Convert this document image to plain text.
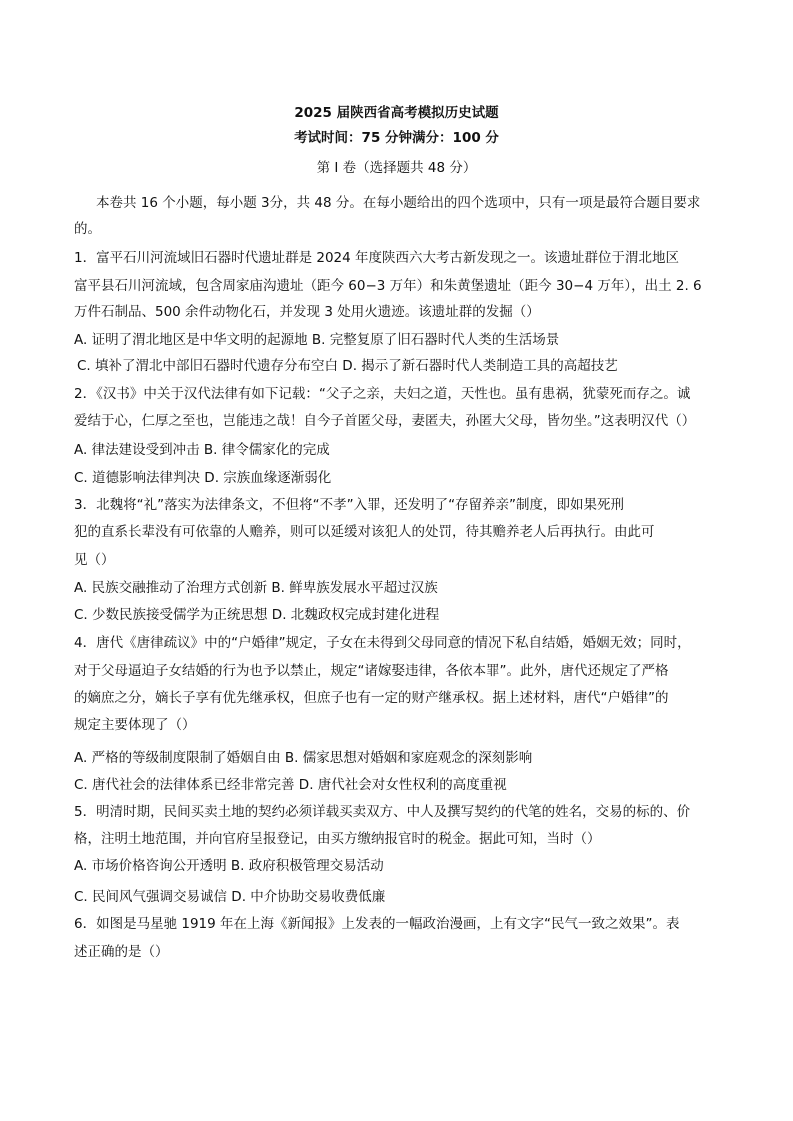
2025 届陕西省高考模拟历史试题
考试时间：75 分钟满分：100 分
第 I 卷（选择题共 48 分）
本卷共 16 个小题，每小题 3分，共 48 分。在每小题给出的四个选项中，只有一项是最符合题目要求
的。
1．富平石川河流域旧石器时代遗址群是 2024 年度陕西六大考古新发现之一。该遗址群位于渭北地区
富平县石川河流域，包含周家庙沟遗址（距今 60−3 万年）和朱黄堡遗址（距今 30−4 万年），出土 2. 6
万件石制品、500 余件动物化石，并发现 3 处用火遗迹。该遗址群的发掘（）
A. 证明了渭北地区是中华文明的起源地 B. 完整复原了旧石器时代人类的生活场景
C. 填补了渭北中部旧石器时代遗存分布空白 D. 揭示了新石器时代人类制造工具的高超技艺
2．《汉书》中关于汉代法律有如下记载：“父子之亲，夫妇之道，天性也。虽有患祸，犹蒙死而存之。诚
爱结于心，仁厚之至也，岂能违之哉！自今子首匿父母，妻匿夫，孙匿大父母，皆勿坐。”这表明汉代（）
A. 律法建设受到冲击 B. 律令儒家化的完成
C. 道德影响法律判决 D. 宗族血缘逐渐弱化
3．北魏将“礼”落实为法律条文，不但将“不孝”入罪，还发明了“存留养亲”制度，即如果死刑
犯的直系长辈没有可依靠的人赡养，则可以延缓对该犯人的处罚，待其赡养老人后再执行。由此可
见（）
A. 民族交融推动了治理方式创新 B. 鲜卑族发展水平超过汉族
C. 少数民族接受儒学为正统思想 D. 北魏政权完成封建化进程
4．唐代《唐律疏议》中的“户婚律”规定，子女在未得到父母同意的情况下私自结婚，婚姻无效；同时，
对于父母逼迫子女结婚的行为也予以禁止，规定“诸嫁娶违律，各依本罪”。此外，唐代还规定了严格
的嫡庶之分，嫡长子享有优先继承权，但庶子也有一定的财产继承权。据上述材料，唐代“户婚律”的
规定主要体现了（）
A. 严格的等级制度限制了婚姻自由 B. 儒家思想对婚姻和家庭观念的深刻影响
C. 唐代社会的法律体系已经非常完善 D. 唐代社会对女性权利的高度重视
5．明清时期，民间买卖土地的契约必须详载买卖双方、中人及撰写契约的代笔的姓名，交易的标的、价
格，注明土地范围，并向官府呈报登记，由买方缴纳报官时的税金。据此可知，当时（）
A. 市场价格咨询公开透明 B. 政府积极管理交易活动
C. 民间风气强调交易诚信 D. 中介协助交易收费低廉
6．如图是马星驰 1919 年在上海《新闻报》上发表的一幅政治漫画，上有文字“民气一致之效果”。表
述正确的是（）
